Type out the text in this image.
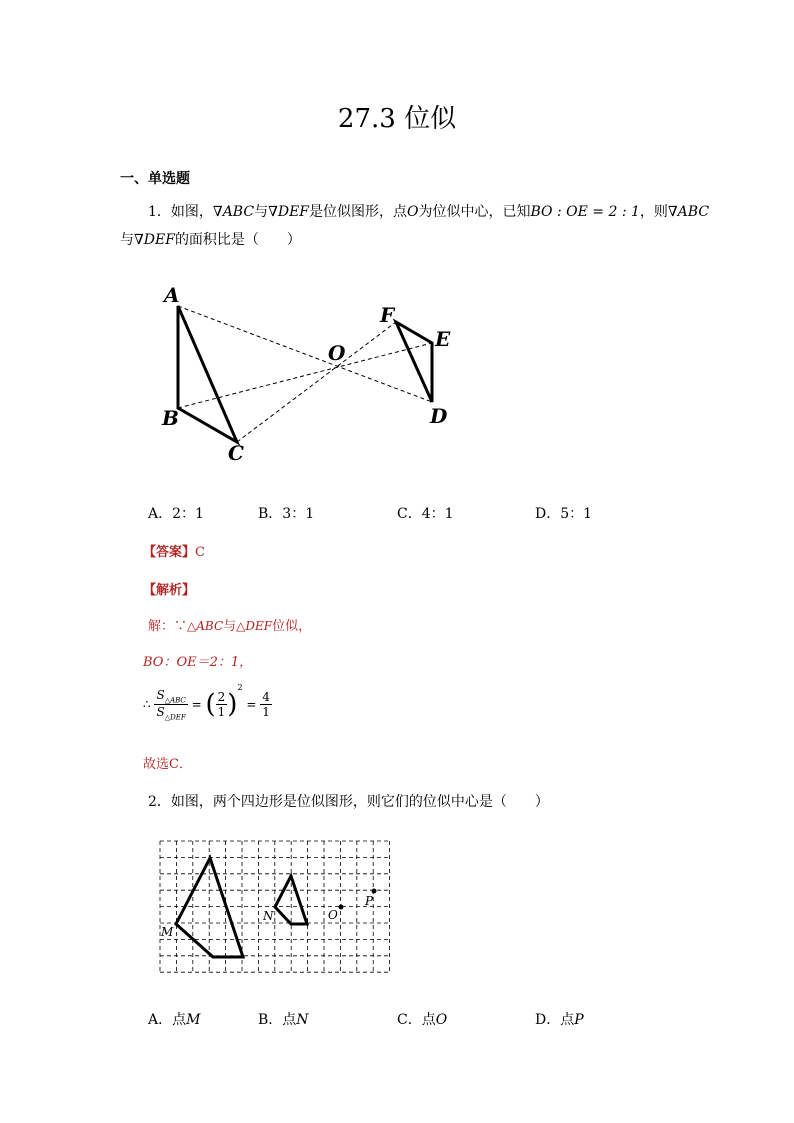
27.3 位似
一、单选题
1．如图，∇ABC与∇DEF是位似图形，点O为位似中心，已知BO : OE = 2 : 1，则∇ABC
与∇DEF的面积比是（　　）
A
B
C
D
E
F
O
A．2：1	B．3：1	C．4：1	D．5：1
【答案】C
【解析】
解：∵△ABC与△DEF位似，
BO：OE＝2：1，
∴ $\frac{S_{\triangle ABC}}{S_{\triangle DEF}}$ = ( $\frac{2}{1} )^2 = \frac{4}{1}$
故选C．
2．如图，两个四边形是位似图形，则它们的位似中心是（　　）
M
N	O
P
A．点M	B．点N	C．点O	D．点P
